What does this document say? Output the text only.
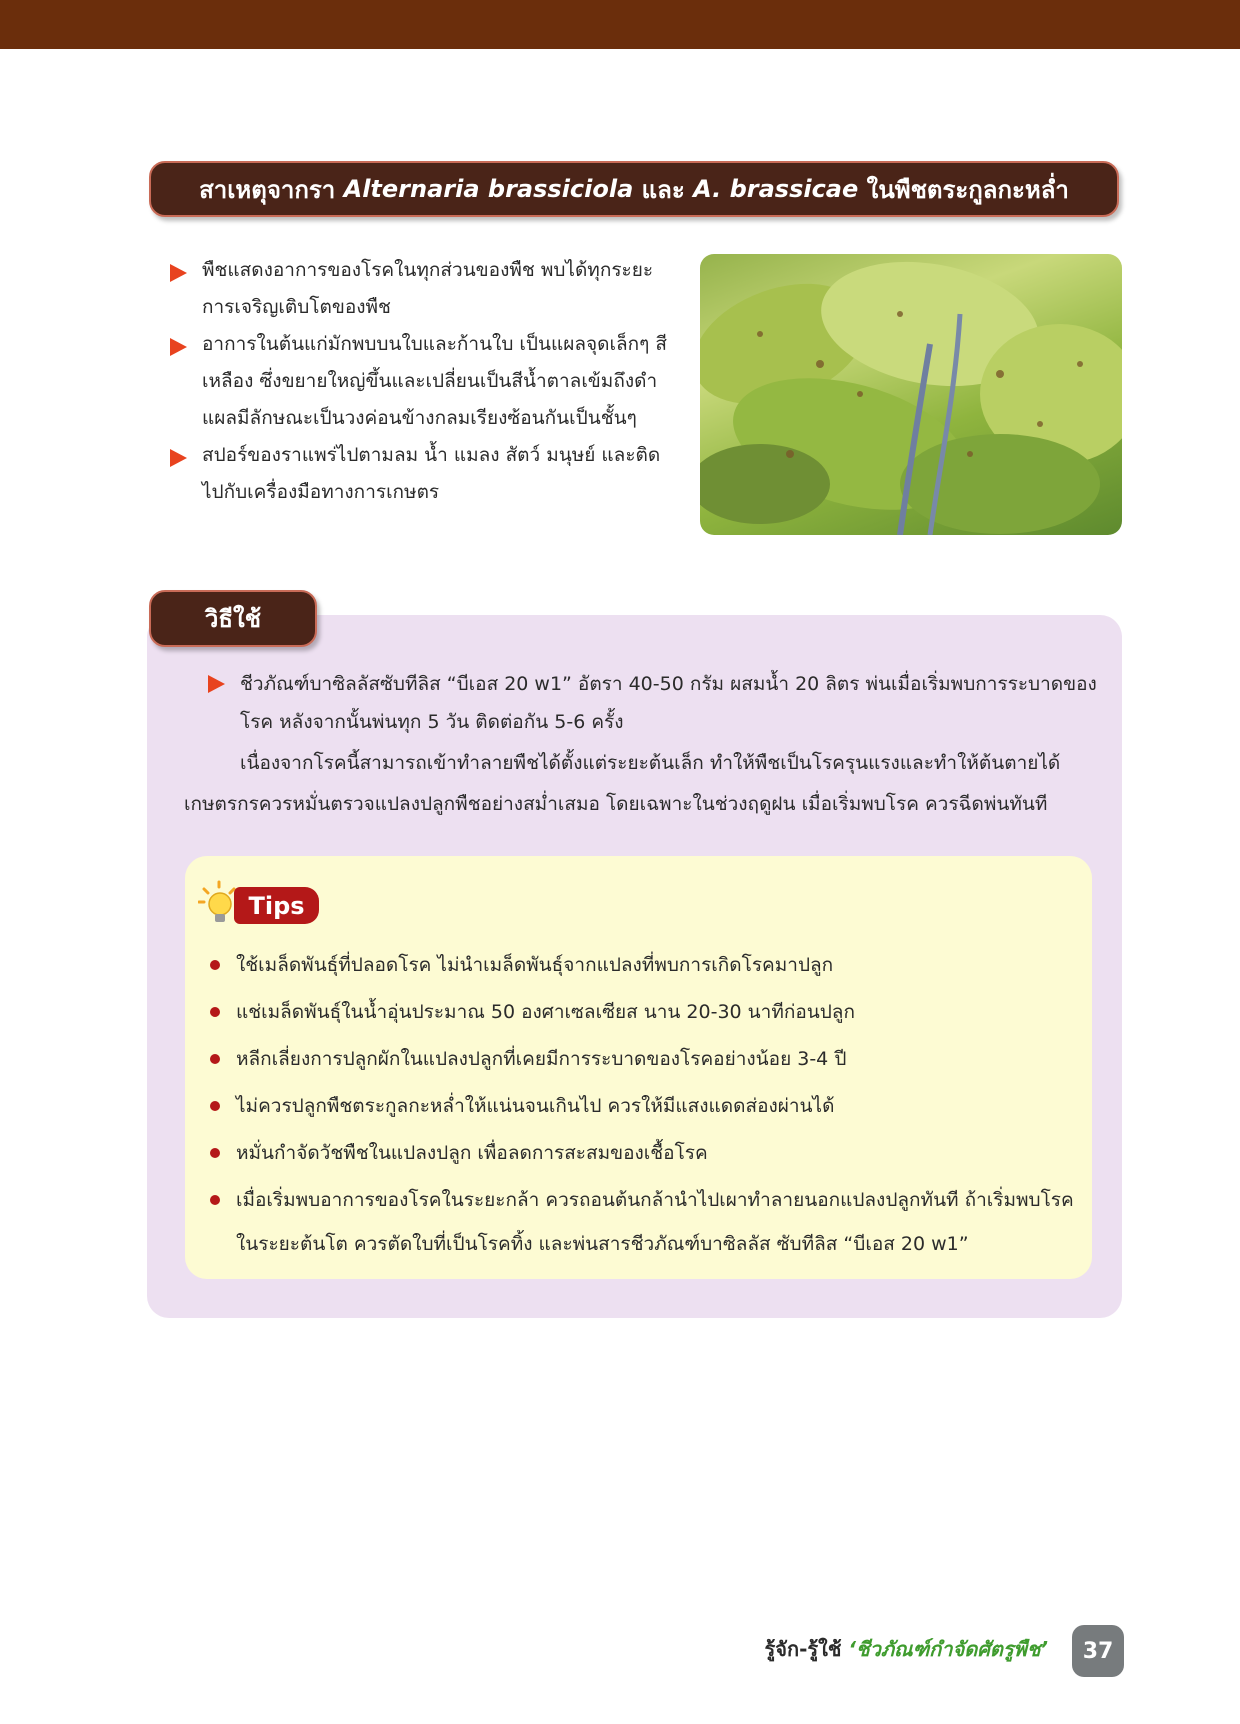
สาเหตุจากรา
Alternaria brassiciola
และ
A. brassicae
ในพืชตระกูลกะหล่ำ
พืชแสดงอาการของโรคในทุกส่วนของพืช พบได้ทุกระยะการเจริญเติบโตของพืช
อาการในต้นแก่มักพบบนใบและก้านใบ เป็นแผลจุดเล็กๆ สีเหลือง ซึ่งขยายใหญ่ขึ้นและเปลี่ยนเป็นสีน้ำตาลเข้มถึงดำ แผลมีลักษณะเป็นวงค่อนข้างกลมเรียงซ้อนกันเป็นชั้นๆ
สปอร์ของราแพร่ไปตามลม น้ำ แมลง สัตว์ มนุษย์ และติดไปกับเครื่องมือทางการเกษตร
วิธีใช้
ชีวภัณฑ์บาซิลลัสซับทีลิส “บีเอส 20 w1” อัตรา 40-50 กรัม ผสมน้ำ 20 ลิตร พ่นเมื่อเริ่มพบการระบาดของโรค หลังจากนั้นพ่นทุก 5 วัน ติดต่อกัน 5-6 ครั้ง

เนื่องจากโรคนี้สามารถเข้าทำลายพืชได้ตั้งแต่ระยะต้นเล็ก ทำให้พืชเป็นโรครุนแรงและทำให้ต้นตายได้ เกษตรกรควรหมั่นตรวจแปลงปลูกพืชอย่างสม่ำเสมอ โดยเฉพาะในช่วงฤดูฝน เมื่อเริ่มพบโรค ควรฉีดพ่นทันที

Tips
ใช้เมล็ดพันธุ์ที่ปลอดโรค ไม่นำเมล็ดพันธุ์จากแปลงที่พบการเกิดโรคมาปลูก
แช่เมล็ดพันธุ์ในน้ำอุ่นประมาณ 50 องศาเซลเซียส นาน 20-30 นาทีก่อนปลูก
หลีกเลี่ยงการปลูกผักในแปลงปลูกที่เคยมีการระบาดของโรคอย่างน้อย 3-4 ปี
ไม่ควรปลูกพืชตระกูลกะหล่ำให้แน่นจนเกินไป ควรให้มีแสงแดดส่องผ่านได้
หมั่นกำจัดวัชพืชในแปลงปลูก เพื่อลดการสะสมของเชื้อโรค
เมื่อเริ่มพบอาการของโรคในระยะกล้า ควรถอนต้นกล้านำไปเผาทำลายนอกแปลงปลูกทันที ถ้าเริ่มพบโรคในระยะต้นโต ควรตัดใบที่เป็นโรคทิ้ง และพ่นสารชีวภัณฑ์บาซิลลัส ซับทีลิส “บีเอส 20 w1”
รู้จัก-รู้ใช้ ‘ชีวภัณฑ์กำจัดศัตรูพืช’	37
